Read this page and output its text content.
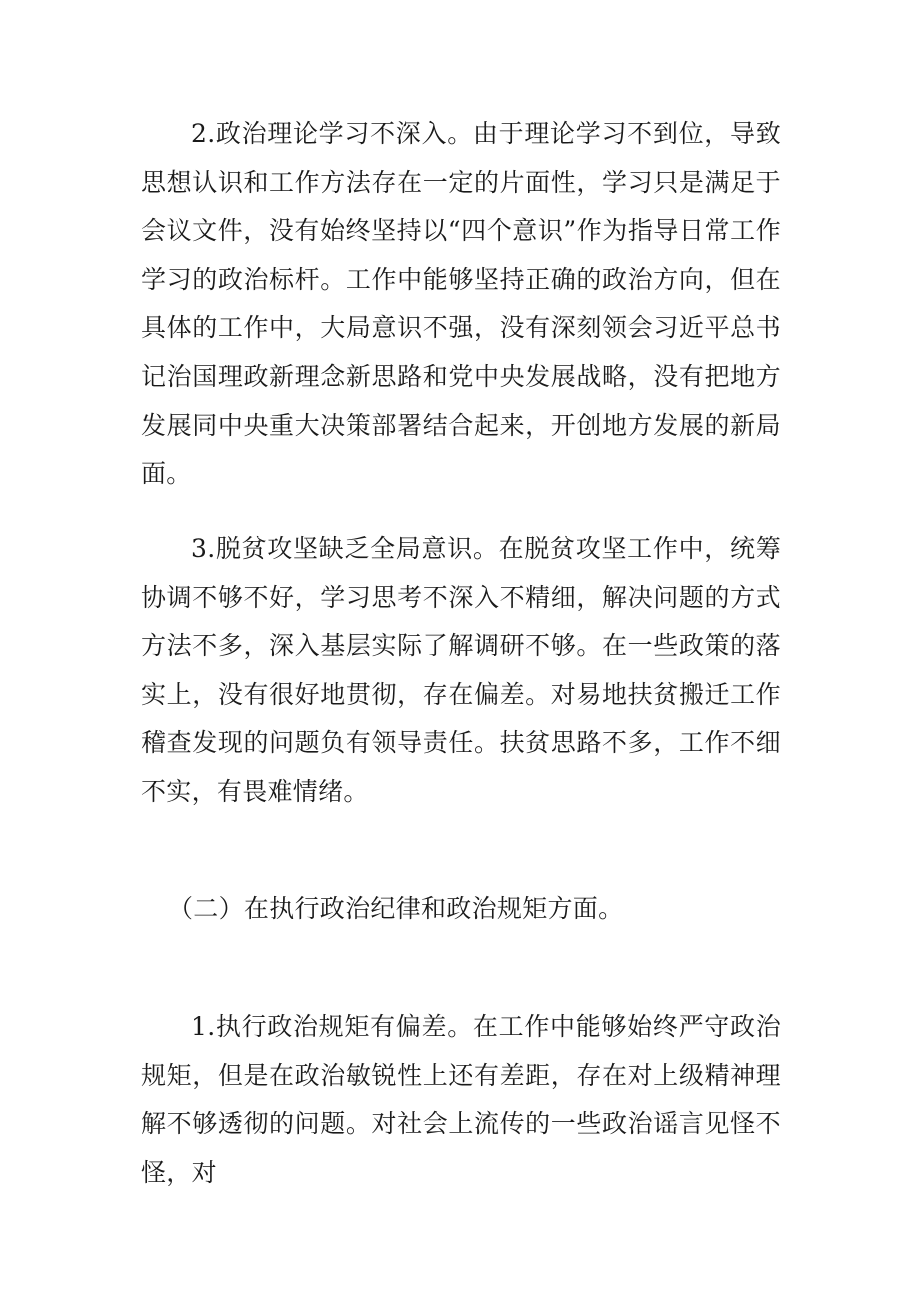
2.政治理论学习不深入。由于理论学习不到位，导致思想认识和工作方法存在一定的片面性，学习只是满足于会议文件，没有始终坚持以“四个意识”作为指导日常工作学习的政治标杆。工作中能够坚持正确的政治方向，但在具体的工作中，大局意识不强，没有深刻领会习近平总书记治国理政新理念新思路和党中央发展战略，没有把地方发展同中央重大决策部署结合起来，开创地方发展的新局面。

3.脱贫攻坚缺乏全局意识。在脱贫攻坚工作中，统筹协调不够不好，学习思考不深入不精细，解决问题的方式方法不多，深入基层实际了解调研不够。在一些政策的落实上，没有很好地贯彻，存在偏差。对易地扶贫搬迁工作稽查发现的问题负有领导责任。扶贫思路不多，工作不细不实，有畏难情绪。

（二）在执行政治纪律和政治规矩方面。

1.执行政治规矩有偏差。在工作中能够始终严守政治规矩，但是在政治敏锐性上还有差距，存在对上级精神理解不够透彻的问题。对社会上流传的一些政治谣言见怪不怪，对
